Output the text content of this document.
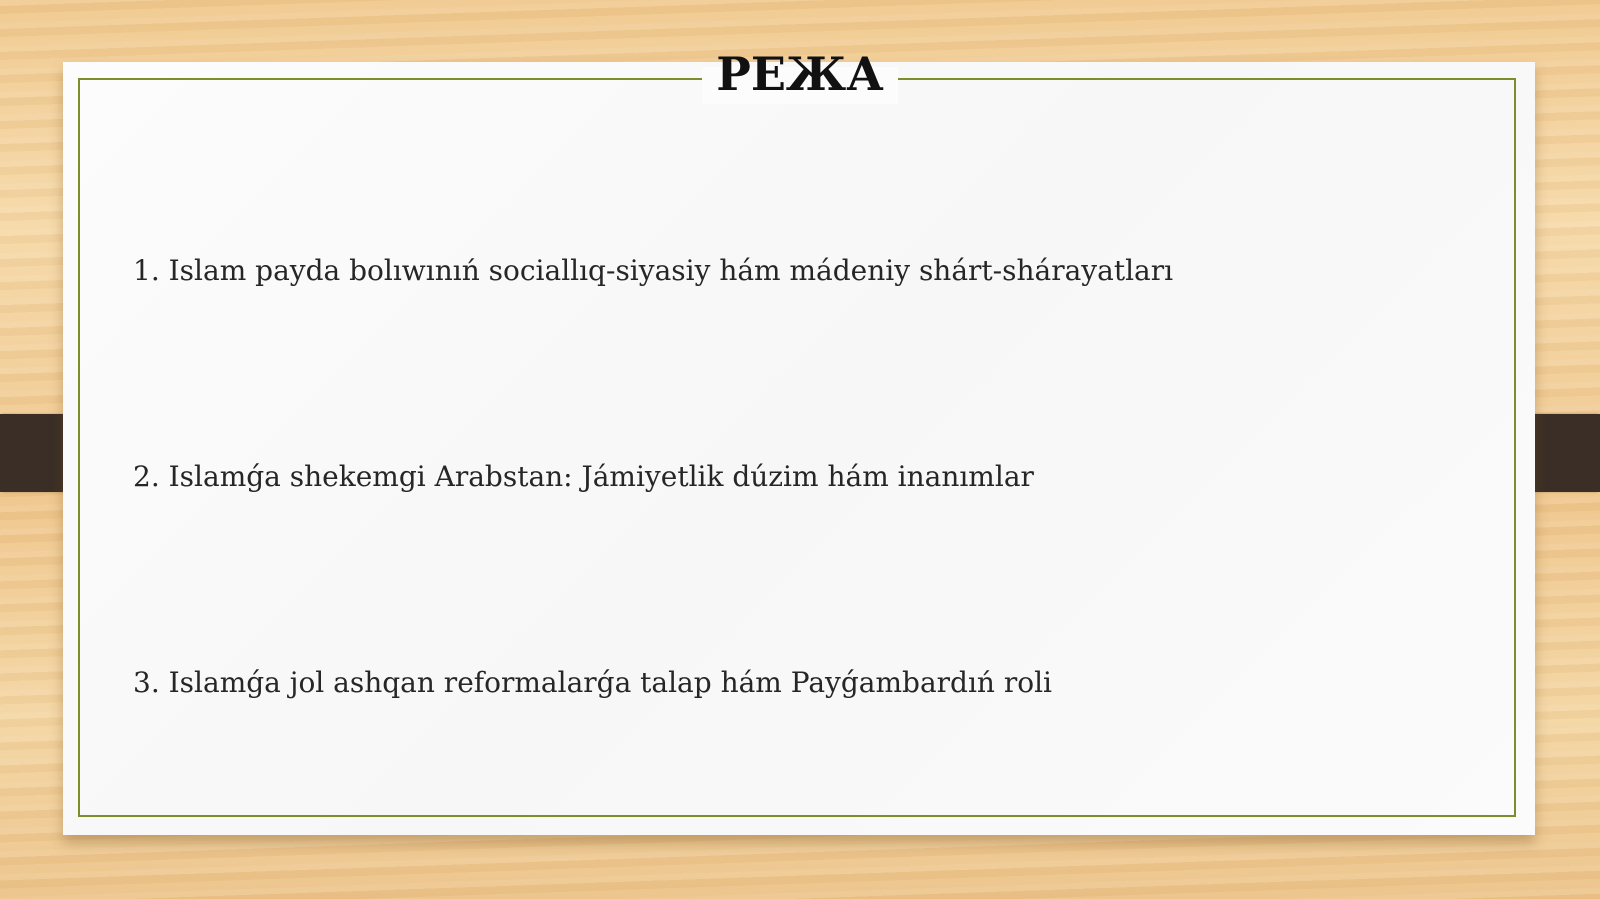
РЕЖА
1. Islam payda bolıwınıń sociallıq-siyasiy hám mádeniy shárt-shárayatları
2. Islamǵa shekemgi Arabstan: Jámiyetlik dúzim hám inanımlar
3. Islamǵa jol ashqan reformalarǵa talap hám Payǵambardıń roli
